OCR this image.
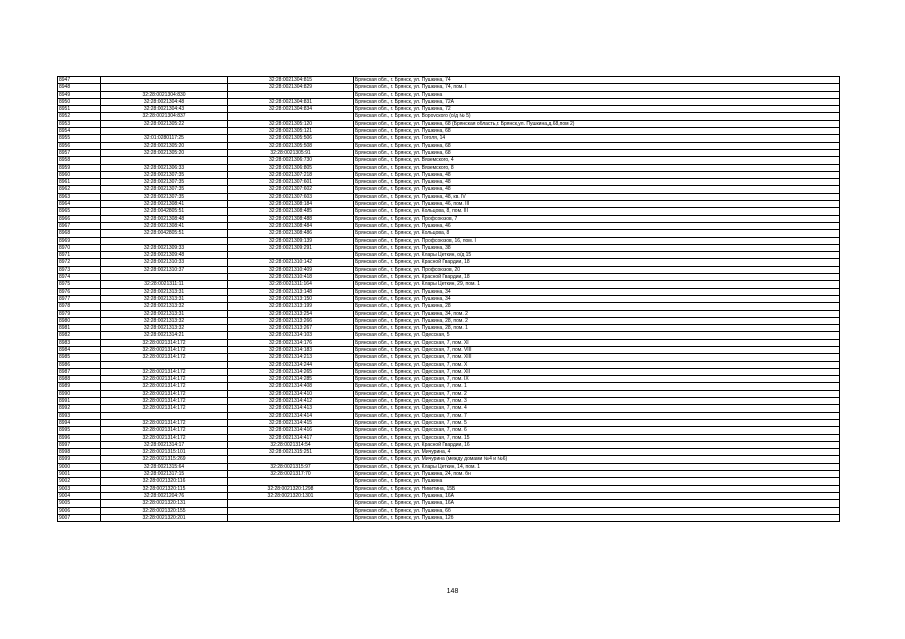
8947		32:28:0021304:815	Брянская обл., г. Брянск, ул. Пушкина, 74
8948		32:28:0021304:829	Брянская обл., г. Брянск, ул. Пушкина, 74, пом. I
8949	32:28:0021304:830		Брянская обл., г. Брянск, ул. Пушкина
8950	32:28:0021304:48	32:28:0021304:831	Брянская обл., г. Брянск, ул. Пушкина, 72А
8951	32:28:0021304:43	32:28:0021304:834	Брянская обл., г. Брянск, ул. Пушкина, 72
8952	32:28:0021304:837		Брянская обл., г. Брянск, ул. Ворovского (о/д № 5)
8953	32:28:0021305:22	32:28:0021305:120	Брянская обл., г. Брянск, ул. Пушкина, 68 (Брянская область,г. Брянск,ул. Пушкина,д.68,пом 2)
8954		32:28:0021305:121	Брянская обл., г. Брянск, ул. Пушкина, 68
8955	32:01:0280117:25	32:28:0021305:506	Брянская обл., г. Брянск, ул. Гоголя, 14
8956	32:28:0021305:20	32:28:0021305:508	Брянская обл., г. Брянск, ул. Пушкина, 68
8957	32:28:0021305:20	32:28:0021305:91	Брянская обл., г. Брянск, ул. Пушкина, 68
8958		32:28:0021306:730	Брянская обл., г. Брянск, ул. Вяземского, 4
8959	32:28:0021306:33	32:28:0021306:805	Брянская обл., г. Брянск, ул. Вяземского, 8
8960	32:28:0021307:35	32:28:0021307:218	Брянская обл., г. Брянск, ул. Пушкина, 48
8961	32:28:0021307:35	32:28:0021307:601	Брянская обл., г. Брянск, ул. Пушкина, 48
8962	32:28:0021307:35	32:28:0021307:602	Брянская обл., г. Брянск, ул. Пушкина, 48
8963	32:28:0021307:35	32:28:0021307:603	Брянская обл., г. Брянск, ул. Пушкина, 48, кв. IV
8964	32:28:0021308:41	32:28:0021308:184	Брянская обл., г. Брянск, ул. Пушкина, 46, пом. III
8965	32:28:0042805:51	32:28:0021308:485	Брянская обл., г. Брянск, ул. Кольцова, 8, пом. III
8966	32:28:0021308:48	32:28:0021308:488	Брянская обл., г. Брянск, ул. Профсоюзов, 7
8967	32:28:0021308:41	32:28:0021308:484	Брянская обл., г. Брянск, ул. Пушкина, 46
8968	32:28:0042805:51	32:28:0021308:486	Брянская обл., г. Брянск, ул. Кольцова, 8
8969		32:28:0021309:139	Брянская обл., г. Брянск, ул. Профсоюзов, 16, пом. I
8970	32:28:0021309:33	32:28:0021309:291	Брянская обл., г. Брянск, ул. Пушкина, 38
8971	32:28:0021309:48		Брянская обл., г. Брянск, ул. Клары Цеткин, о/д 15
8972	32:28:0021310:33	32:28:0021310:142	Брянская обл., г. Брянск, ул. Красной Гвардии, 18
8973	32:28:0021310:37	32:28:0021310:409	Брянская обл., г. Брянск, ул. Профсоюзов, 20
8974		32:28:0021310:418	Брянская обл., г. Брянск, ул. Красной Гвардии, 18
8975	32:28:0021311:11	32:28:0021311:164	Брянская обл., г. Брянск, ул. Клары Цеткин, 29, пом. 1
8976	32:28:0021313:31	32:28:0021313:148	Брянская обл., г. Брянск, ул. Пушкина, 34
8977	32:28:0021313:31	32:28:0021313:150	Брянская обл., г. Брянск, ул. Пушкина, 34
8978	32:28:0021313:32	32:28:0021313:199	Брянская обл., г. Брянск, ул. Пушкина, 28
8979	32:28:0021313:31	32:28:0021313:254	Брянская обл., г. Брянск, ул. Пушкина, 34, пом. 2
8980	32:28:0021313:32	32:28:0021313:266	Брянская обл., г. Брянск, ул. Пушкина, 28, пом. 2
8981	32:28:0021313:32	32:28:0021313:267	Брянская обл., г. Брянск, ул. Пушкина, 28, пом. 1
8982	32:28:0021314:21	32:28:0021314:103	Брянская обл., г. Брянск, ул. Одесская, 5
8983	32:28:0021314:172	32:28:0021314:176	Брянская обл., г. Брянск, ул. Одесская, 7, пом. XI
8984	32:28:0021314:172	32:28:0021314:183	Брянская обл., г. Брянск, ул. Одесская, 7, пом. VIII
8985	32:28:0021314:172	32:28:0021314:213	Брянская обл., г. Брянск, ул. Одесская, 7, пом. XIII
8986		32:28:0021314:244	Брянская обл., г. Брянск, ул. Одесская, 7, пом. X
8987	32:28:0021314:172	32:28:0021314:265	Брянская обл., г. Брянск, ул. Одесская, 7, пом. XII
8988	32:28:0021314:172	32:28:0021314:285	Брянская обл., г. Брянск, ул. Одесская, 7, пом. IX
8989	32:28:0021314:172	32:28:0021314:408	Брянская обл., г. Брянск, ул. Одесская, 7, пом. 1
8990	32:28:0021314:172	32:28:0021314:410	Брянская обл., г. Брянск, ул. Одесская, 7, пом. 2
8991	32:28:0021314:172	32:28:0021314:412	Брянская обл., г. Брянск, ул. Одесская, 7, пом. 3
8992	32:28:0021314:172	32:28:0021314:413	Брянская обл., г. Брянск, ул. Одесская, 7, пом. 4
8993		32:28:0021314:414	Брянская обл., г. Брянск, ул. Одесская, 7, пом. 7
8994	32:28:0021314:172	32:28:0021314:415	Брянская обл., г. Брянск, ул. Одесская, 7, пом. 5
8995	32:28:0021314:172	32:28:0021314:416	Брянская обл., г. Брянск, ул. Одесская, 7, пом. 6
8996	32:28:0021314:172	32:28:0021314:417	Брянская обл., г. Брянск, ул. Одесская, 7, пом. 15
8997	32:28:0021314:17	32:28:0021314:54	Брянская обл., г. Брянск, ул. Красной Гвардии, 16
8998	32:28:0021315:101	32:28:0021315:251	Брянская обл., г. Брянск, ул. Мичурина, 4
8999	32:28:0021315:269		Брянская обл., г. Брянск, ул. Мичурина (между домами №4 и №6)
9000	32:28:0021315:64	32:28:0021315:97	Брянская обл., г. Брянск, ул. Клары Цеткин, 14, пом. 1
9001	32:28:0021317:15	32:28:0021317:70	Брянская обл., г. Брянск, ул. Пушкина, 24, пом. бн
9002	32:28:0021320:116		Брянская обл., г. Брянск, ул. Пушкина
9003	32:28:0021320:115	32:28:0021320:1298	Брянская обл., г. Брянск, ул. Никитина, 15Б
9004	32:28:0021204:76	32:28:0021320:1301	Брянская обл., г. Брянск, ул. Пушкина, 16А
9005	32:28:0021320:131		Брянская обл., г. Брянск, ул. Пушкина, 16А
9006	32:28:0021320:155		Брянская обл., г. Брянск, ул. Пушкина, 6б
9007	32:28:0021320:201		Брянская обл., г. Брянск, ул. Пушкина, 12б
148
